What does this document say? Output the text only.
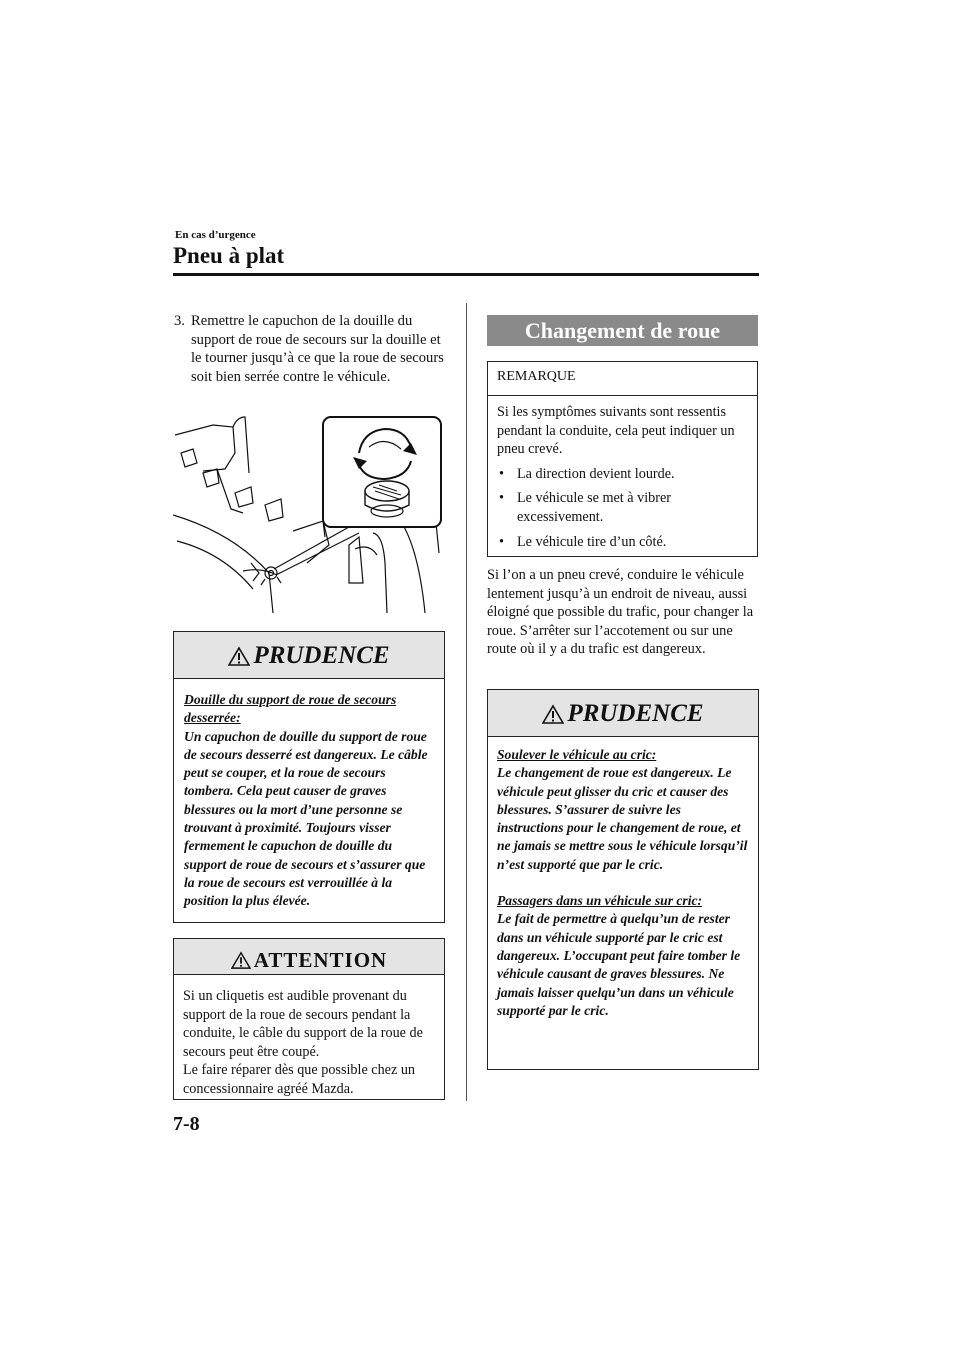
En cas d’urgence
Pneu à plat
3. Remettre le capuchon de la douille du support de roue de secours sur la douille et le tourner jusqu’à ce que la roue de secours soit bien serrée contre le véhicule.
PRUDENCE
Douille du support de roue de secours desserrée:
Un capuchon de douille du support de roue de secours desserré est dangereux. Le câble peut se couper, et la roue de secours tombera. Cela peut causer de graves blessures ou la mort d’une personne se trouvant à proximité. Toujours visser fermement le capuchon de douille du support de roue de secours et s’assurer que la roue de secours est verrouillée à la position la plus élevée.
ATTENTION
Si un cliquetis est audible provenant du support de la roue de secours pendant la conduite, le câble du support de la roue de secours peut être coupé.
Le faire réparer dès que possible chez un concessionnaire agréé Mazda.
Changement de roue
REMARQUE
Si les symptômes suivants sont ressentis pendant la conduite, cela peut indiquer un pneu crevé.
• La direction devient lourde.
• Le véhicule se met à vibrer excessivement.
• Le véhicule tire d’un côté.
Si l’on a un pneu crevé, conduire le véhicule lentement jusqu’à un endroit de niveau, aussi éloigné que possible du trafic, pour changer la roue. S’arrêter sur l’accotement ou sur une route où il y a du trafic est dangereux.
PRUDENCE
Soulever le véhicule au cric:
Le changement de roue est dangereux. Le véhicule peut glisser du cric et causer des blessures. S’assurer de suivre les instructions pour le changement de roue, et ne jamais se mettre sous le véhicule lorsqu’il n’est supporté que par le cric.
Passagers dans un véhicule sur cric:
Le fait de permettre à quelqu’un de rester dans un véhicule supporté par le cric est dangereux. L’occupant peut faire tomber le véhicule causant de graves blessures. Ne jamais laisser quelqu’un dans un véhicule supporté par le cric.
7-8
